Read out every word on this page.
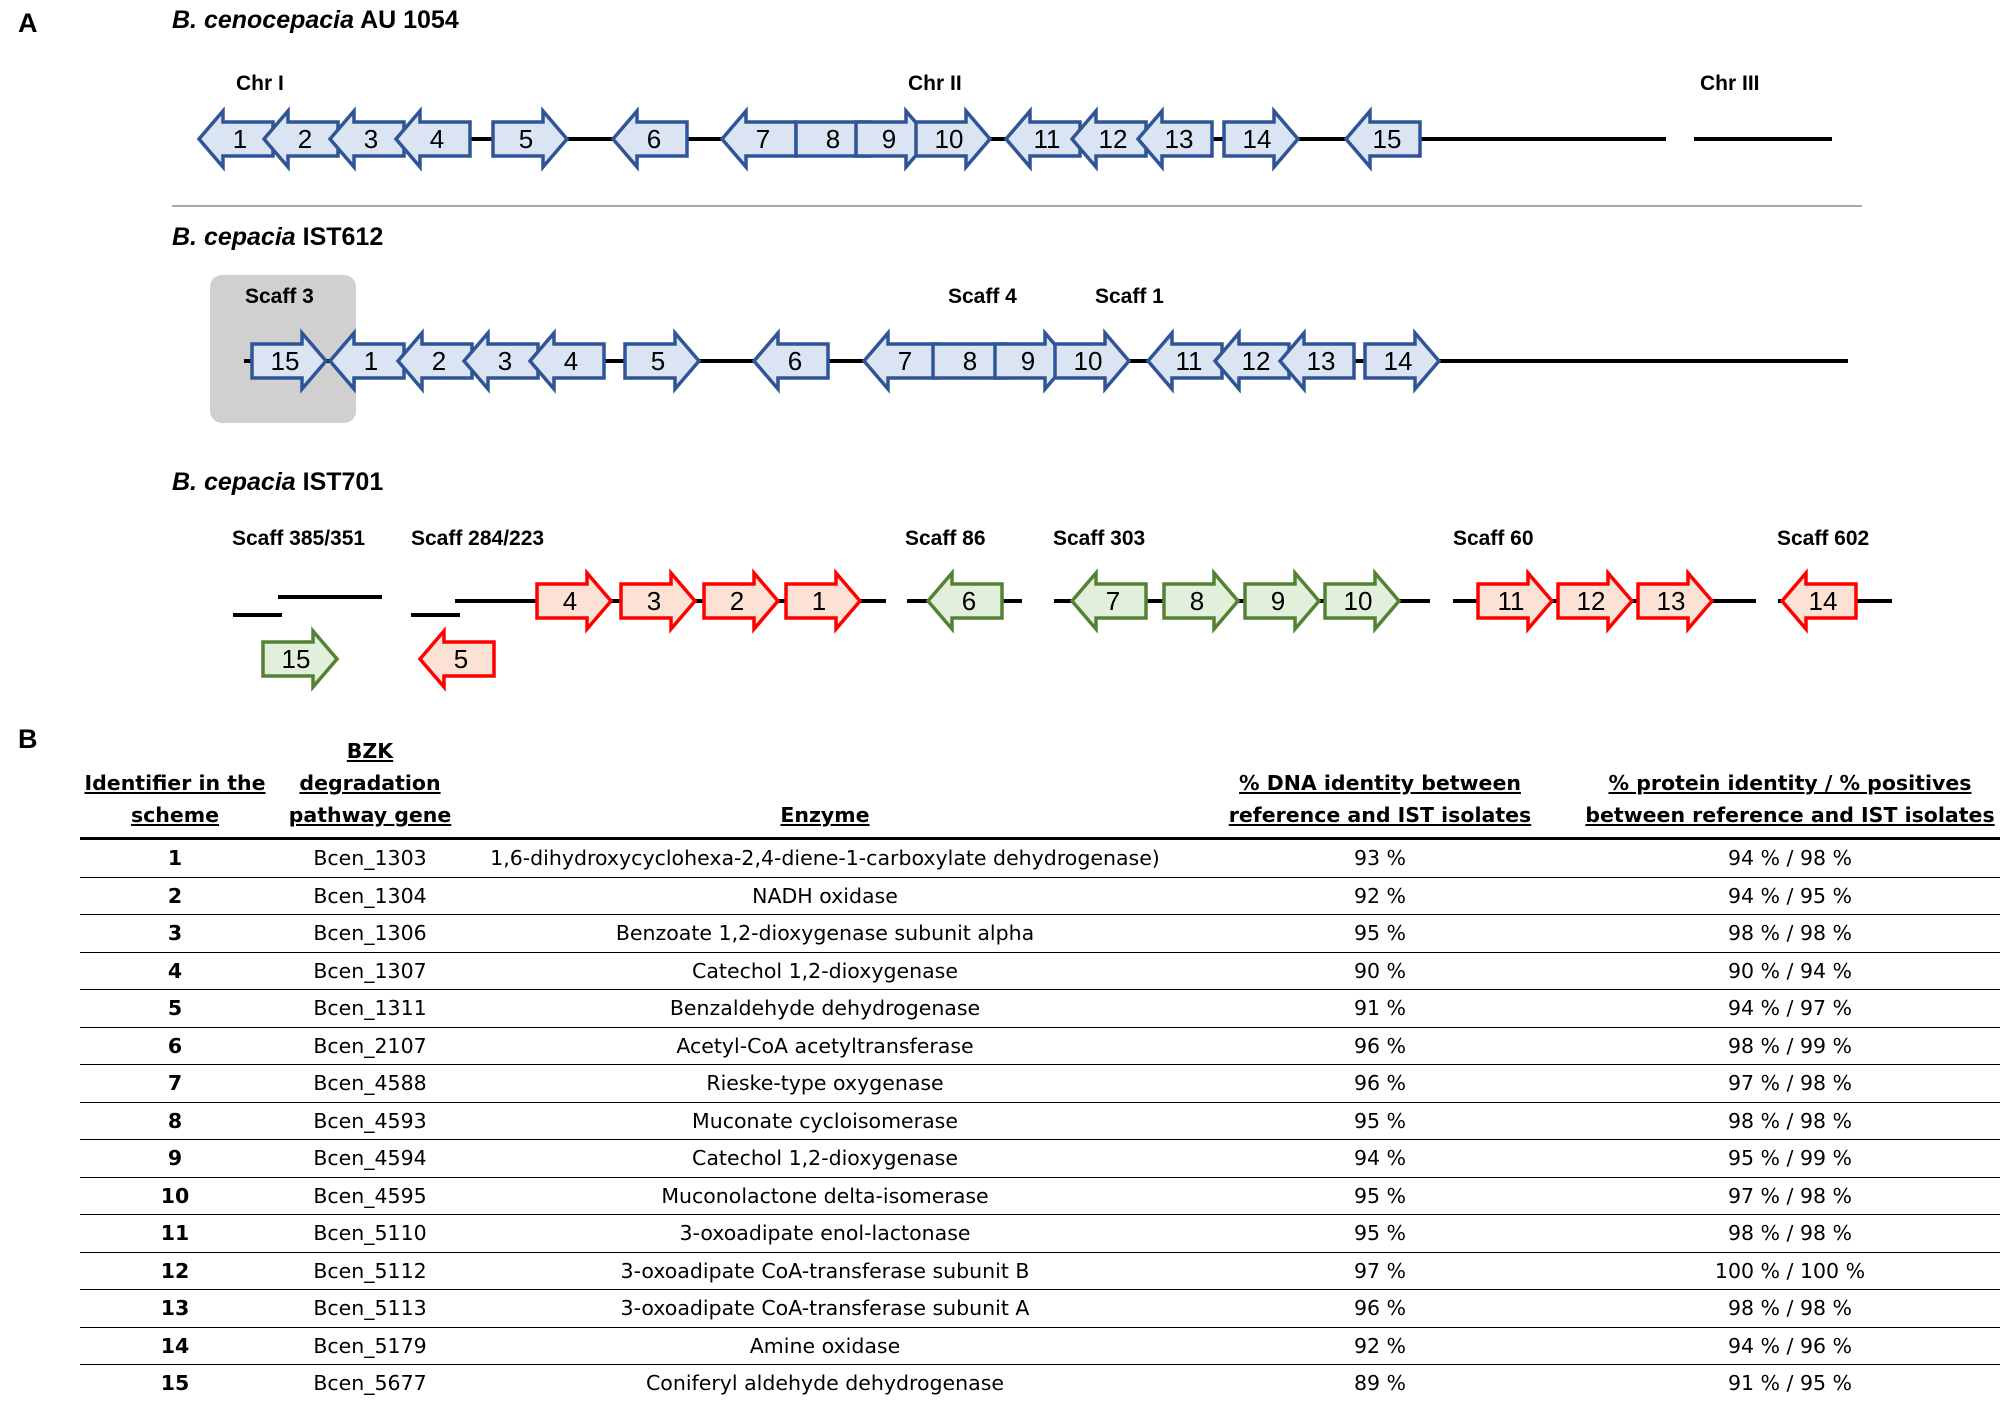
A	B. cenocepacia AU 1054
Chr I	Chr II	Chr III
1 2 3 4	5	6	7 8 9 10	11 12 13 14	15
B. cepacia IST612
Scaff 3	Scaff 4	Scaff 1
15 1 2 3 4	5	6	7 8 9 10	11 12 13 14
B. cepacia IST701
Scaff 385/351 Scaff 284/223	Scaff 86	Scaff 303	Scaff 60	Scaff 602
15	5
4	3	2	1	6	7	8	9 10	11 12 13	14
B
Identifier in the scheme	BZK degradation pathway gene	Enzyme	% DNA identity between reference and IST isolates	% protein identity / % positives between reference and IST isolates
1	Bcen_1303	1,6-dihydroxycyclohexa-2,4-diene-1-carboxylate dehydrogenase)	93 %	94 % / 98 %
2	Bcen_1304	NADH oxidase	92 %	94 % / 95 %
3	Bcen_1306	Benzoate 1,2-dioxygenase subunit alpha	95 %	98 % / 98 %
4	Bcen_1307	Catechol 1,2-dioxygenase	90 %	90 % / 94 %
5	Bcen_1311	Benzaldehyde dehydrogenase	91 %	94 % / 97 %
6	Bcen_2107	Acetyl-CoA acetyltransferase	96 %	98 % / 99 %
7	Bcen_4588	Rieske-type oxygenase	96 %	97 % / 98 %
8	Bcen_4593	Muconate cycloisomerase	95 %	98 % / 98 %
9	Bcen_4594	Catechol 1,2-dioxygenase	94 %	95 % / 99 %
10	Bcen_4595	Muconolactone delta-isomerase	95 %	97 % / 98 %
11	Bcen_5110	3-oxoadipate enol-lactonase	95 %	98 % / 98 %
12	Bcen_5112	3-oxoadipate CoA-transferase subunit B	97 %	100 % / 100 %
13	Bcen_5113	3-oxoadipate CoA-transferase subunit A	96 %	98 % / 98 %
14	Bcen_5179	Amine oxidase	92 %	94 % / 96 %
15	Bcen_5677	Coniferyl aldehyde dehydrogenase	89 %	91 % / 95 %
